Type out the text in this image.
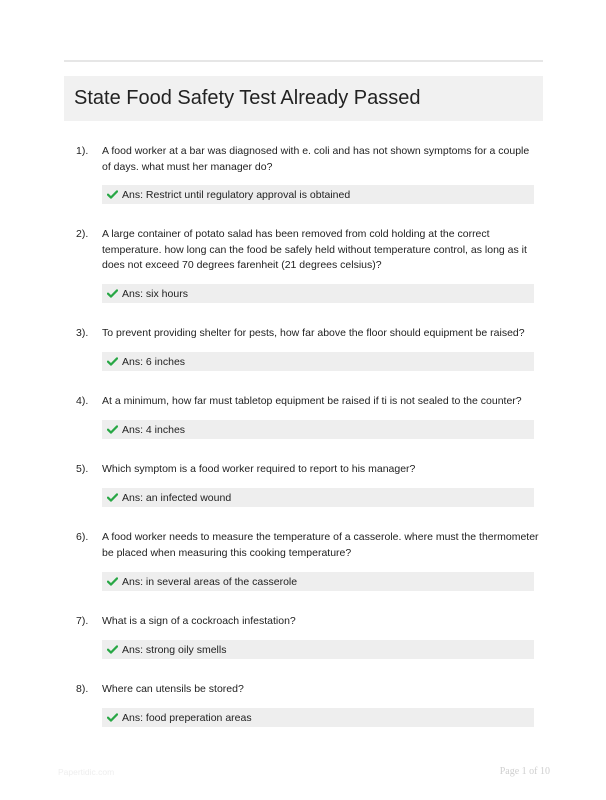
State Food Safety Test Already Passed
1). A food worker at a bar was diagnosed with e. coli and has not shown symptoms for a couple of days. what must her manager do?
Ans: Restrict until regulatory approval is obtained
2). A large container of potato salad has been removed from cold holding at the correct temperature. how long can the food be safely held without temperature control, as long as it does not exceed 70 degrees farenheit (21 degrees celsius)?
Ans: six hours
3). To prevent providing shelter for pests, how far above the floor should equipment be raised?
Ans: 6 inches
4). At a minimum, how far must tabletop equipment be raised if ti is not sealed to the counter?
Ans: 4 inches
5). Which symptom is a food worker required to report to his manager?
Ans: an infected wound
6). A food worker needs to measure the temperature of a casserole. where must the thermometer be placed when measuring this cooking temperature?
Ans: in several areas of the casserole
7). What is a sign of a cockroach infestation?
Ans: strong oily smells
8). Where can utensils be stored?
Ans: food preperation areas
Papertidic.com	Page 1 of 10
